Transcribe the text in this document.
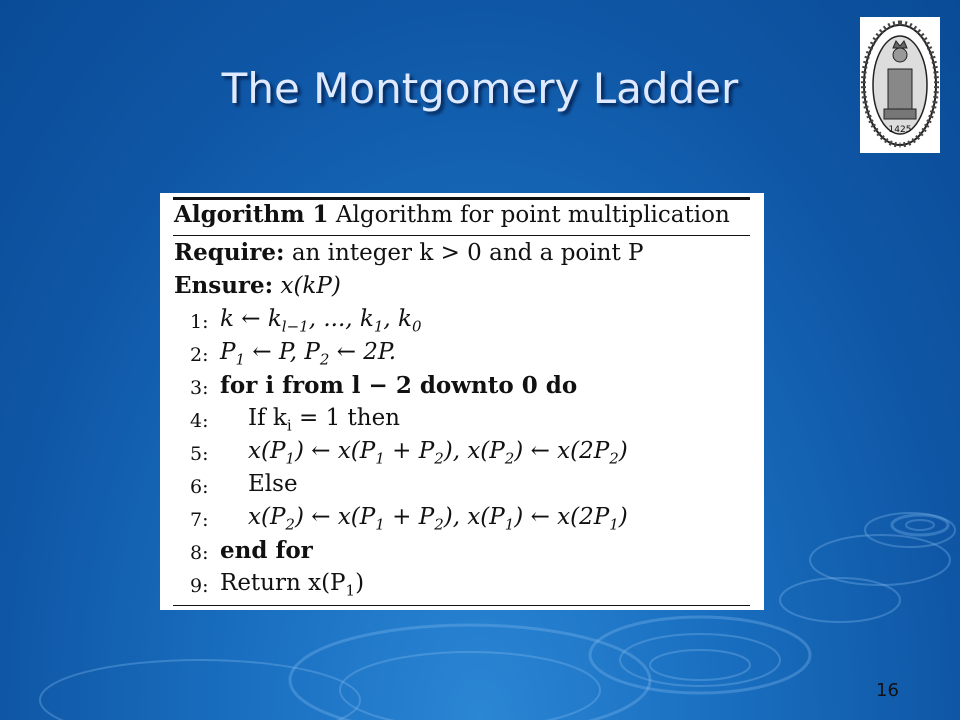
The Montgomery Ladder
1425
Algorithm 1 Algorithm for point multiplication
Require: an integer k > 0 and a point P
Ensure: x(kP)
1: k ← $k_{l-1}$, ..., $k_1$, $k_0$
2: $P_1$ ← P, $P_2$ ← 2P.
3: for i from l − 2 downto 0 do
4: If $k_i = 1$ then
5: $x(P_1)$ ← $x(P_1 + P_2)$, $x(P_2)$ ← $x(2P_2)$
6: Else
7: $x(P_2)$ ← $x(P_1 + P_2)$, $x(P_1)$ ← $x(2P_1)$
8: end for
9: Return $x(P_1)$
16
